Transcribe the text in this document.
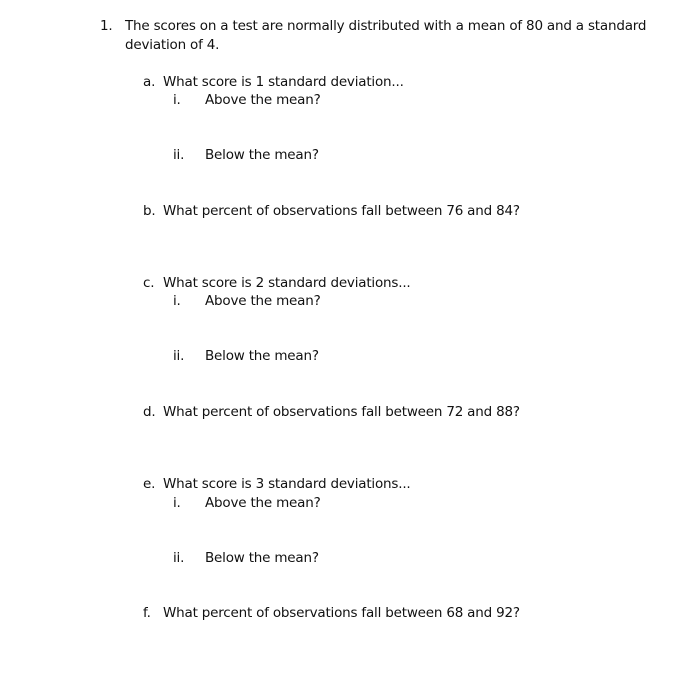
1. The scores on a test are normally distributed with a mean of 80 and a standard
deviation of 4.
a. What score is 1 standard deviation...
i. Above the mean?
ii. Below the mean?
b. What percent of observations fall between 76 and 84?
c. What score is 2 standard deviations...
i. Above the mean?
ii. Below the mean?
d. What percent of observations fall between 72 and 88?
e. What score is 3 standard deviations...
i. Above the mean?
ii. Below the mean?
f. What percent of observations fall between 68 and 92?
